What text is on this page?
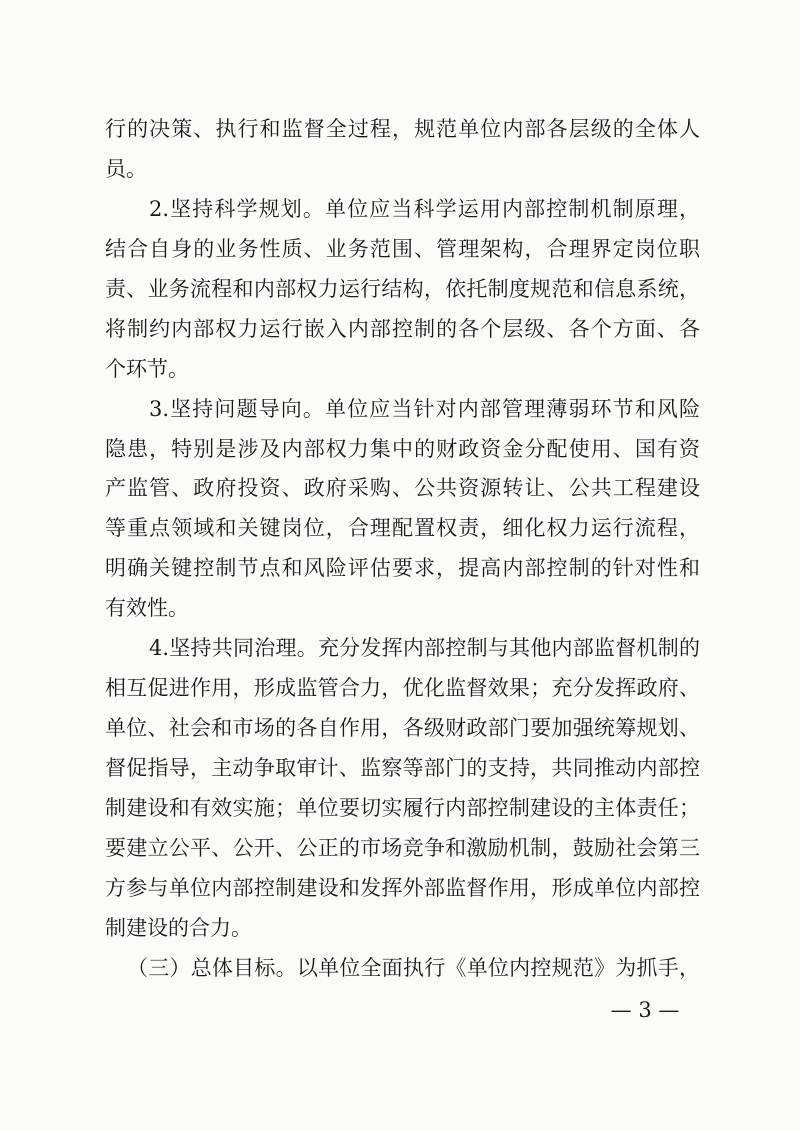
行的决策、执行和监督全过程，规范单位内部各层级的全体人
员。
2.坚持科学规划。单位应当科学运用内部控制机制原理，
结合自身的业务性质、业务范围、管理架构，合理界定岗位职
责、业务流程和内部权力运行结构，依托制度规范和信息系统，
将制约内部权力运行嵌入内部控制的各个层级、各个方面、各
个环节。
3.坚持问题导向。单位应当针对内部管理薄弱环节和风险
隐患，特别是涉及内部权力集中的财政资金分配使用、国有资
产监管、政府投资、政府采购、公共资源转让、公共工程建设
等重点领域和关键岗位，合理配置权责，细化权力运行流程，
明确关键控制节点和风险评估要求，提高内部控制的针对性和
有效性。
4.坚持共同治理。充分发挥内部控制与其他内部监督机制的
相互促进作用，形成监管合力，优化监督效果；充分发挥政府、
单位、社会和市场的各自作用，各级财政部门要加强统筹规划、
督促指导，主动争取审计、监察等部门的支持，共同推动内部控
制建设和有效实施；单位要切实履行内部控制建设的主体责任；
要建立公平、公开、公正的市场竞争和激励机制，鼓励社会第三
方参与单位内部控制建设和发挥外部监督作用，形成单位内部控
制建设的合力。
（三）总体目标。以单位全面执行《单位内控规范》为抓手，
— 3 —
